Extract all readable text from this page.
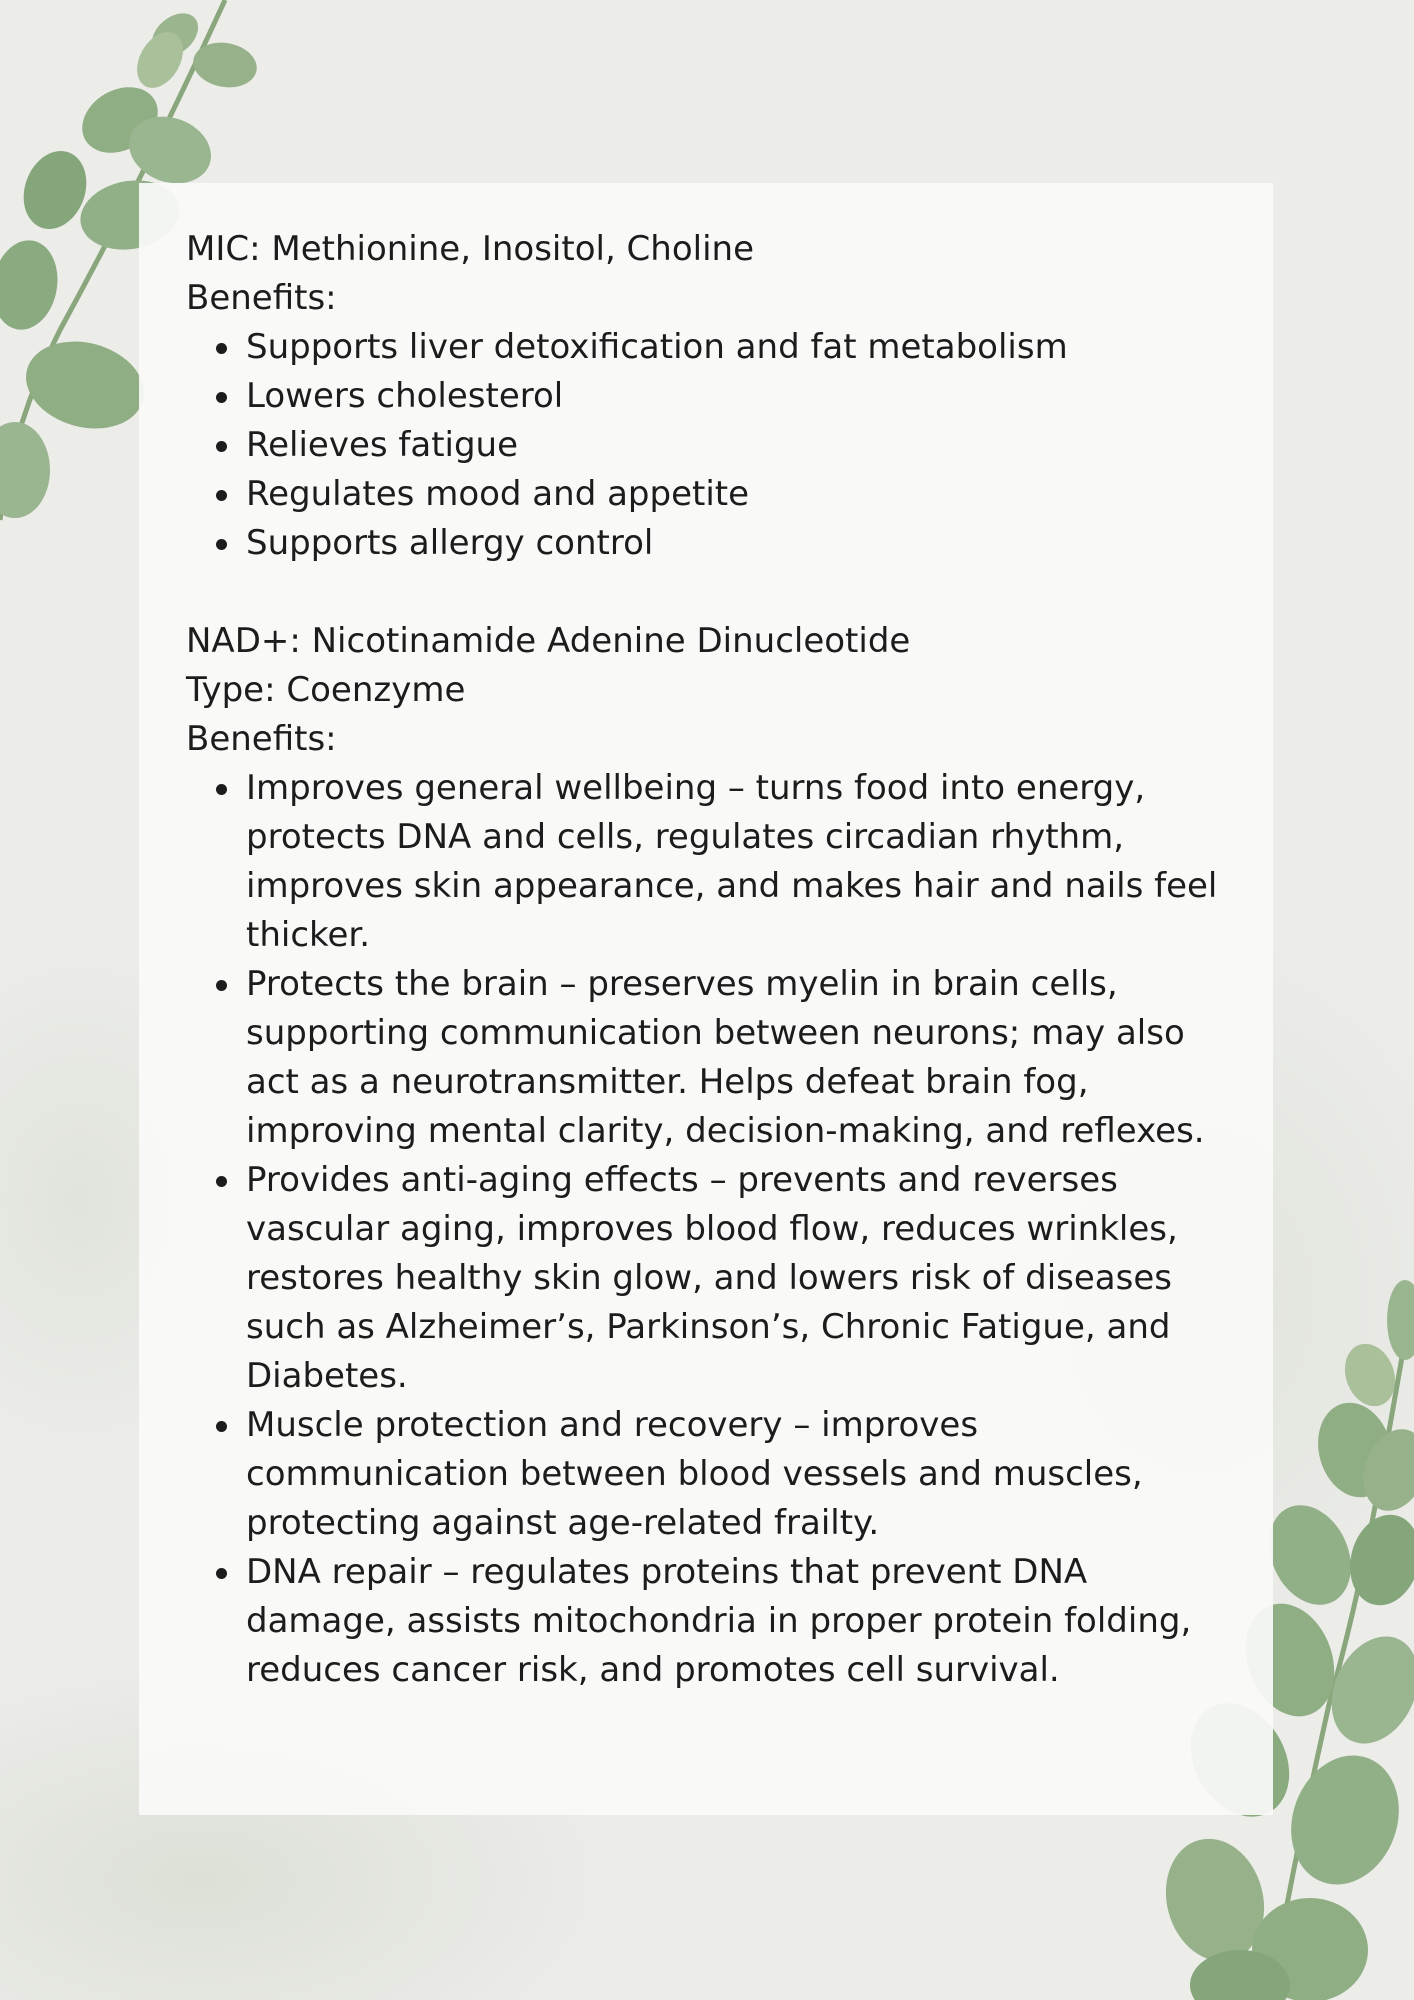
MIC: Methionine, Inositol, Choline

Benefits:

Supports liver detoxification and fat metabolism
Lowers cholesterol
Relieves fatigue
Regulates mood and appetite
Supports allergy control

NAD+: Nicotinamide Adenine Dinucleotide

Type: Coenzyme

Benefits:

Improves general wellbeing – turns food into energy,
protects DNA and cells, regulates circadian rhythm,
improves skin appearance, and makes hair and nails feel
thicker.
Protects the brain – preserves myelin in brain cells,
supporting communication between neurons; may also
act as a neurotransmitter. Helps defeat brain fog,
improving mental clarity, decision-making, and reflexes.
Provides anti-aging effects – prevents and reverses
vascular aging, improves blood flow, reduces wrinkles,
restores healthy skin glow, and lowers risk of diseases
such as Alzheimer’s, Parkinson’s, Chronic Fatigue, and
Diabetes.
Muscle protection and recovery – improves
communication between blood vessels and muscles,
protecting against age-related frailty.
DNA repair – regulates proteins that prevent DNA
damage, assists mitochondria in proper protein folding,
reduces cancer risk, and promotes cell survival.
